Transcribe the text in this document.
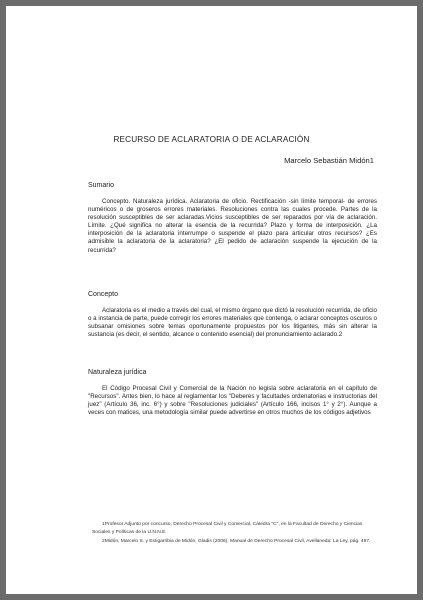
RECURSO DE ACLARATORIA O DE ACLARACIÓN
Marcelo Sebastián Midón1
Sumario

Concepto. Naturaleza jurídica. Aclaratoria de oficio. Rectificación -sin límite temporal- de errores numéricos o de groseros errores materiales. Resoluciones contra las cuales procede. Partes de la resolución susceptibles de ser aclaradas.Vicios susceptibles de ser reparados por vía de aclaración. Límite. ¿Qué significa no alterar la esencia de la recurrida? Plazo y forma de interposición. ¿La interposición de la aclaratoria interrumpe o suspende el plazo para articular otros recursos? ¿Es admisible la aclaratoria de la aclaratoria? ¿El pedido de aclaración suspende la ejecución de la recurrida?

Concepto

Aclaratoria es el medio a través del cual, el mismo órgano que dictó la resolución recurrida, de oficio o a instancia de parte, puede corregir los errores materiales que contenga, o aclarar conceptos oscuros o subsanar omisiones sobre temas oportunamente propuestos por los litigantes, más sin alterar la sustancia (es decir, el sentido, alcance o contenido esencial) del pronunciamiento aclarado.2

Naturaleza jurídica

El Código Procesal Civil y Comercial de la Nación no legisla sobre aclaratoria en el capítulo de "Recursos". Antes bien, lo hace al reglamentar los "Deberes y facultades ordenatorias e instructorias del juez" (Artículo 36, inc. 6°) y sobre "Resoluciones judiciales" (Artículo 166, incisos 1° y 2°). Aunque a veces con matices, una metodología similar puede advertirse en otros muchos de los códigos adjetivos

1Profesor Adjunto por concurso, Derecho Procesal Civil y Comercial, Cátedra "C", en la Facultad de Derecho y Ciencias Sociales y Políticas de la U.N.N.E.

2Midón, Marcelo S. y Estigarribia de Midón, Gladis (2006), Manual de Derecho Procesal Civil, Avellaneda: La Ley, pág. 497.
